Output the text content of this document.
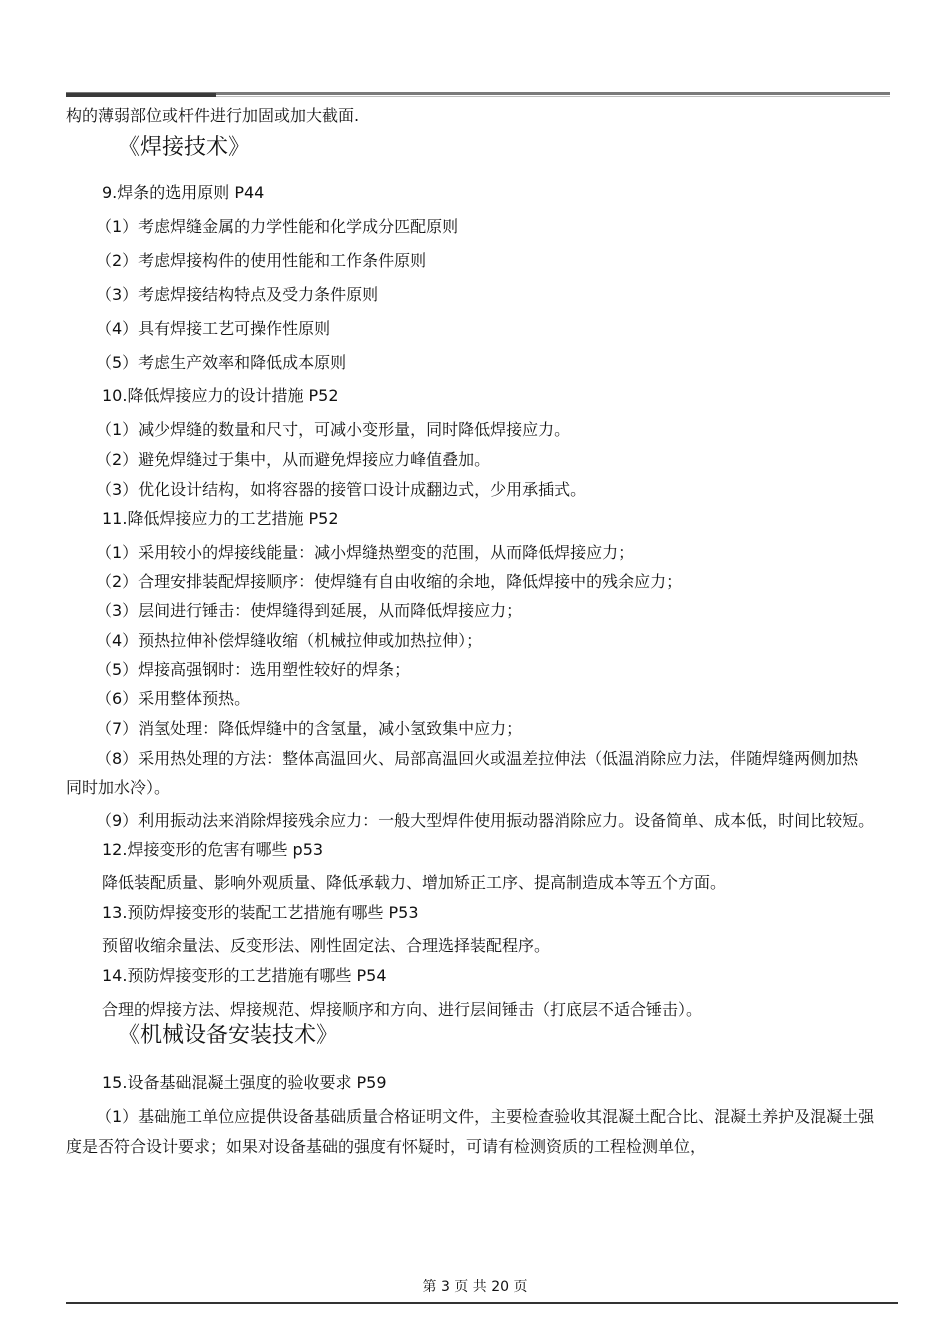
构的薄弱部位或杆件进行加固或加大截面.
《焊接技术》
9.焊条的选用原则 P44
（1）考虑焊缝金属的力学性能和化学成分匹配原则
（2）考虑焊接构件的使用性能和工作条件原则
（3）考虑焊接结构特点及受力条件原则
（4）具有焊接工艺可操作性原则
（5）考虑生产效率和降低成本原则
10.降低焊接应力的设计措施 P52
（1）减少焊缝的数量和尺寸，可减小变形量，同时降低焊接应力。
（2）避免焊缝过于集中，从而避免焊接应力峰值叠加。
（3）优化设计结构，如将容器的接管口设计成翻边式，少用承插式。
11.降低焊接应力的工艺措施 P52
（1）采用较小的焊接线能量：减小焊缝热塑变的范围，从而降低焊接应力；
（2）合理安排装配焊接顺序：使焊缝有自由收缩的余地，降低焊接中的残余应力；
（3）层间进行锤击：使焊缝得到延展，从而降低焊接应力；
（4）预热拉伸补偿焊缝收缩（机械拉伸或加热拉伸）；
（5）焊接高强钢时：选用塑性较好的焊条；
（6）采用整体预热。
（7）消氢处理：降低焊缝中的含氢量，减小氢致集中应力；
（8）采用热处理的方法：整体高温回火、局部高温回火或温差拉伸法（低温消除应力法，伴随焊缝两侧加热
同时加水冷）。
（9）利用振动法来消除焊接残余应力：一般大型焊件使用振动器消除应力。设备简单、成本低，时间比较短。
12.焊接变形的危害有哪些 p53
降低装配质量、影响外观质量、降低承载力、增加矫正工序、提高制造成本等五个方面。
13.预防焊接变形的装配工艺措施有哪些 P53
预留收缩余量法、反变形法、刚性固定法、合理选择装配程序。
14.预防焊接变形的工艺措施有哪些 P54
合理的焊接方法、焊接规范、焊接顺序和方向、进行层间锤击（打底层不适合锤击）。
《机械设备安装技术》
15.设备基础混凝土强度的验收要求 P59
（1）基础施工单位应提供设备基础质量合格证明文件，主要检查验收其混凝土配合比、混凝土养护及混凝土强
度是否符合设计要求；如果对设备基础的强度有怀疑时，可请有检测资质的工程检测单位，
第 3 页 共 20 页
